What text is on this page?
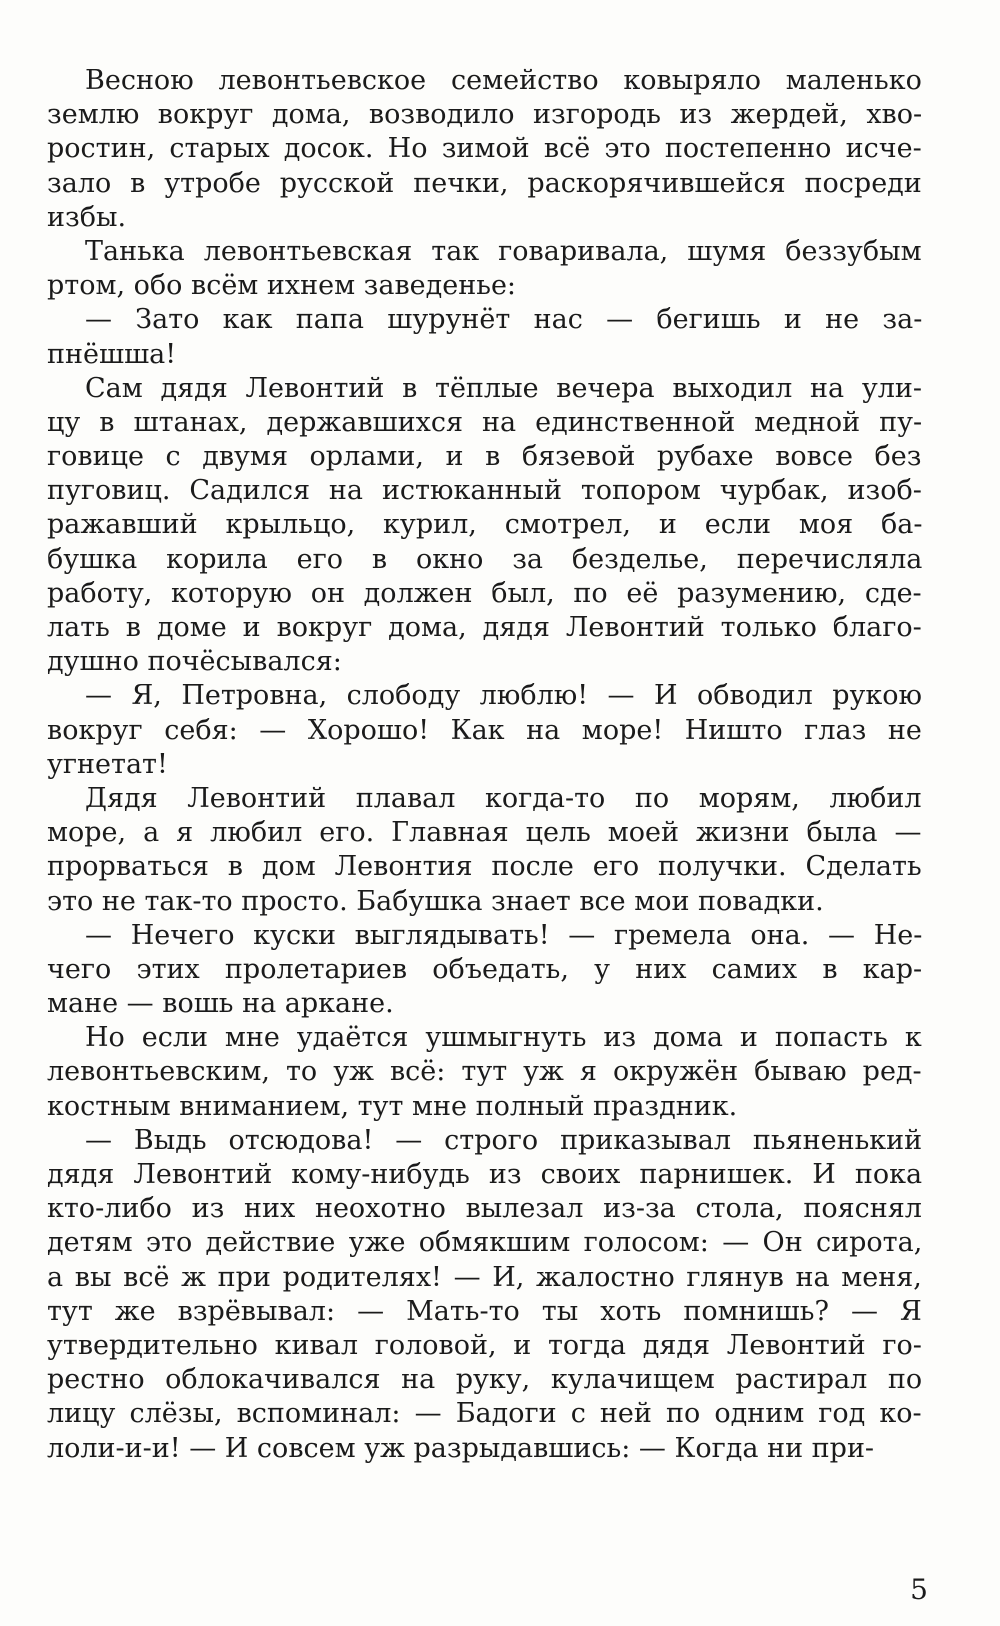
Весною левонтьевское семейство ковыряло маленько
землю вокруг дома, возводило изгородь из жердей, хво-
ростин, старых досок. Но зимой всё это постепенно исче-
зало в утробе русской печки, раскорячившейся посреди
избы.
Танька левонтьевская так говаривала, шумя беззубым
ртом, обо всём ихнем заведенье:
— Зато как папа шурунёт нас — бегишь и не за-
пнёшша!
Сам дядя Левонтий в тёплые вечера выходил на ули-
цу в штанах, державшихся на единственной медной пу-
говице с двумя орлами, и в бязевой рубахе вовсе без
пуговиц. Садился на истюканный топором чурбак, изоб-
ражавший крыльцо, курил, смотрел, и если моя ба-
бушка корила его в окно за безделье, перечисляла
работу, которую он должен был, по её разумению, сде-
лать в доме и вокруг дома, дядя Левонтий только благо-
душно почёсывался:
— Я, Петровна, слободу люблю! — И обводил рукою
вокруг себя: — Хорошо! Как на море! Ништо глаз не
угнетат!
Дядя Левонтий плавал когда-то по морям, любил
море, а я любил его. Главная цель моей жизни была —
прорваться в дом Левонтия после его получки. Сделать
это не так-то просто. Бабушка знает все мои повадки.
— Нечего куски выглядывать! — гремела она. — Не-
чего этих пролетариев объедать, у них самих в кар-
мане — вошь на аркане.
Но если мне удаётся ушмыгнуть из дома и попасть к
левонтьевским, то уж всё: тут уж я окружён бываю ред-
костным вниманием, тут мне полный праздник.
— Выдь отсюдова! — строго приказывал пьяненький
дядя Левонтий кому-нибудь из своих парнишек. И пока
кто-либо из них неохотно вылезал из-за стола, пояснял
детям это действие уже обмякшим голосом: — Он сирота,
а вы всё ж при родителях! — И, жалостно глянув на меня,
тут же взрёвывал: — Мать-то ты хоть помнишь? — Я
утвердительно кивал головой, и тогда дядя Левонтий го-
рестно облокачивался на руку, кулачищем растирал по
лицу слёзы, вспоминал: — Бадоги с ней по одним год ко-
лоли-и-и! — И совсем уж разрыдавшись: — Когда ни при-
5
